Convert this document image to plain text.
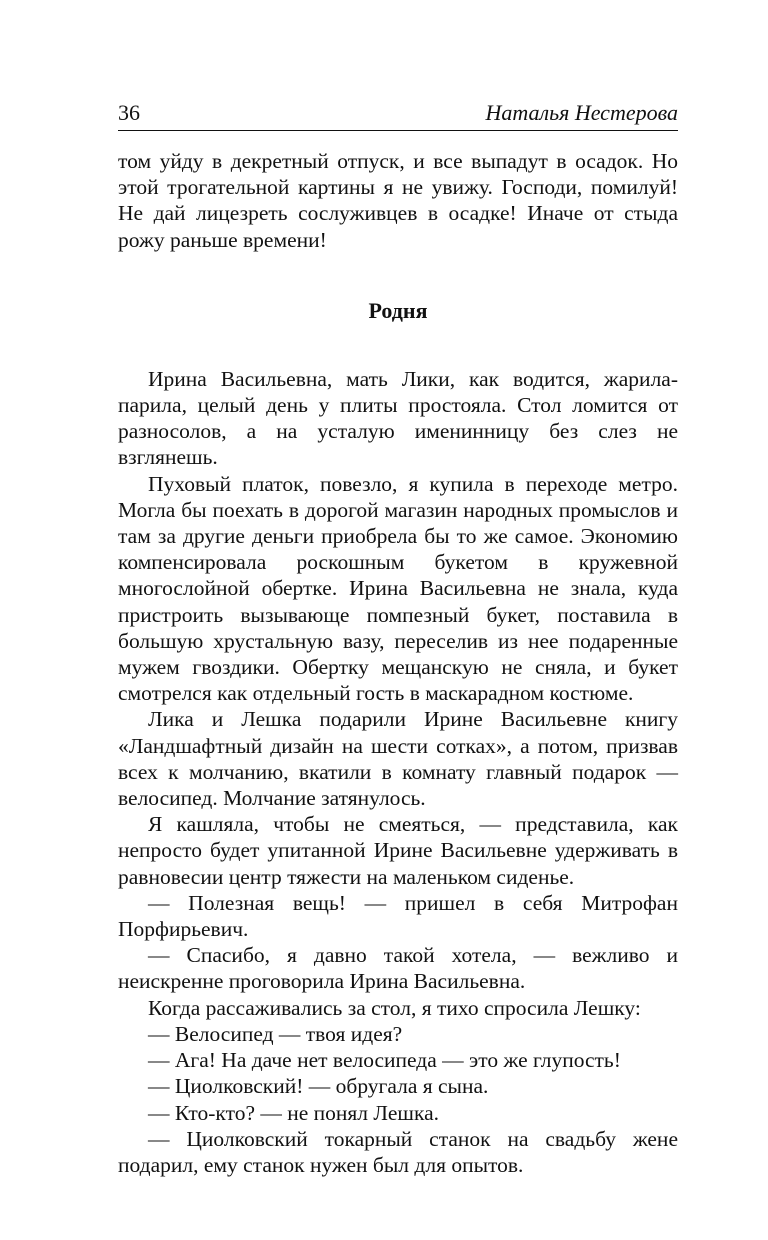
36	Наталья Нестерова

том уйду в декретный отпуск, и все выпадут в осадок. Но этой трогательной картины я не увижу. Господи, помилуй! Не дай лицезреть сослуживцев в осадке! Иначе от стыда рожу раньше времени!

Родня

Ирина Васильевна, мать Лики, как водится, жарила-парила, целый день у плиты простояла. Стол ломится от разносолов, а на усталую именинницу без слез не взглянешь.

Пуховый платок, повезло, я купила в переходе метро. Могла бы поехать в дорогой магазин народных промыслов и там за другие деньги приобрела бы то же самое. Экономию компенсировала роскошным букетом в кружевной многослойной обертке. Ирина Васильевна не знала, куда пристроить вызывающе помпезный букет, поставила в большую хрустальную вазу, переселив из нее подаренные мужем гвоздики. Обертку мещанскую не сняла, и букет смотрелся как отдельный гость в маскарадном костюме.

Лика и Лешка подарили Ирине Васильевне книгу «Ландшафтный дизайн на шести сотках», а потом, призвав всех к молчанию, вкатили в комнату главный подарок — велосипед. Молчание затянулось.

Я кашляла, чтобы не смеяться, — представила, как непросто будет упитанной Ирине Васильевне удерживать в равновесии центр тяжести на маленьком сиденье.

— Полезная вещь! — пришел в себя Митрофан Порфирьевич.

— Спасибо, я давно такой хотела, — вежливо и неискренне проговорила Ирина Васильевна.

Когда рассаживались за стол, я тихо спросила Лешку:

— Велосипед — твоя идея?

— Ага! На даче нет велосипеда — это же глупость!

— Циолковский! — обругала я сына.

— Кто-кто? — не понял Лешка.

— Циолковский токарный станок на свадьбу жене подарил, ему станок нужен был для опытов.
